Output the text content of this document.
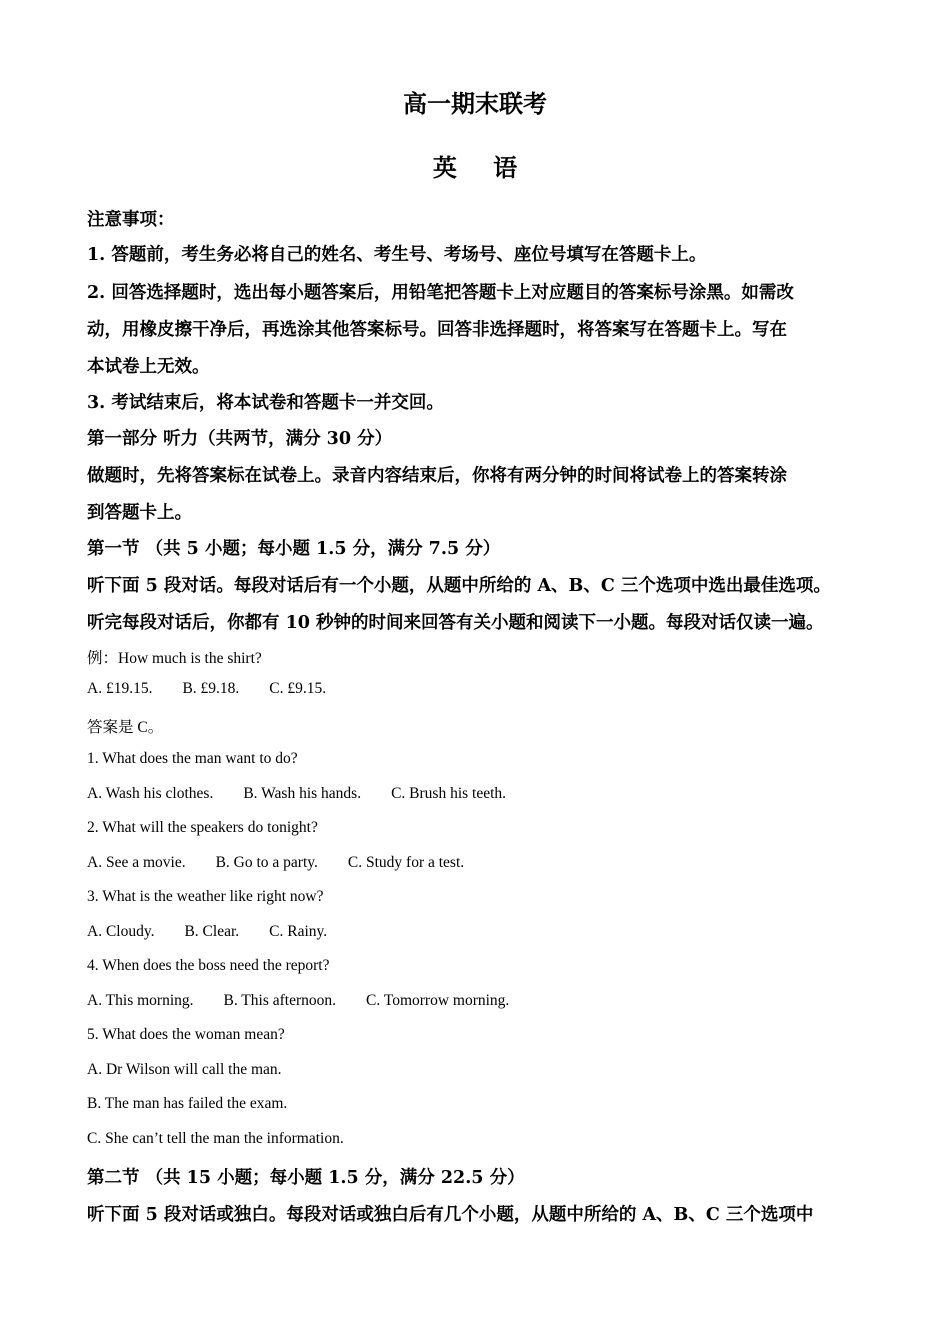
高一期末联考
英 语
注意事项：
1. 答题前，考生务必将自己的姓名、考生号、考场号、座位号填写在答题卡上。
2. 回答选择题时，选出每小题答案后，用铅笔把答题卡上对应题目的答案标号涂黑。如需改
动，用橡皮擦干净后，再选涂其他答案标号。回答非选择题时，将答案写在答题卡上。写在
本试卷上无效。
3. 考试结束后，将本试卷和答题卡一并交回。
第一部分 听力（共两节，满分 30 分）
做题时，先将答案标在试卷上。录音内容结束后，你将有两分钟的时间将试卷上的答案转涂
到答题卡上。
第一节 （共 5 小题；每小题 1.5 分，满分 7.5 分）
听下面 5 段对话。每段对话后有一个小题，从题中所给的 A、B、C 三个选项中选出最佳选项。
听完每段对话后，你都有 10 秒钟的时间来回答有关小题和阅读下一小题。每段对话仅读一遍。
例：How much is the shirt?
A. £19.15. B. £9.18. C. £9.15.
答案是 C。
1. What does the man want to do?
A. Wash his clothes. B. Wash his hands. C. Brush his teeth.
2. What will the speakers do tonight?
A. See a movie. B. Go to a party. C. Study for a test.
3. What is the weather like right now?
A. Cloudy. B. Clear. C. Rainy.
4. When does the boss need the report?
A. This morning. B. This afternoon. C. Tomorrow morning.
5. What does the woman mean?
A. Dr Wilson will call the man.
B. The man has failed the exam.
C. She can’t tell the man the information.
第二节 （共 15 小题；每小题 1.5 分，满分 22.5 分）
听下面 5 段对话或独白。每段对话或独白后有几个小题，从题中所给的 A、B、C 三个选项中
